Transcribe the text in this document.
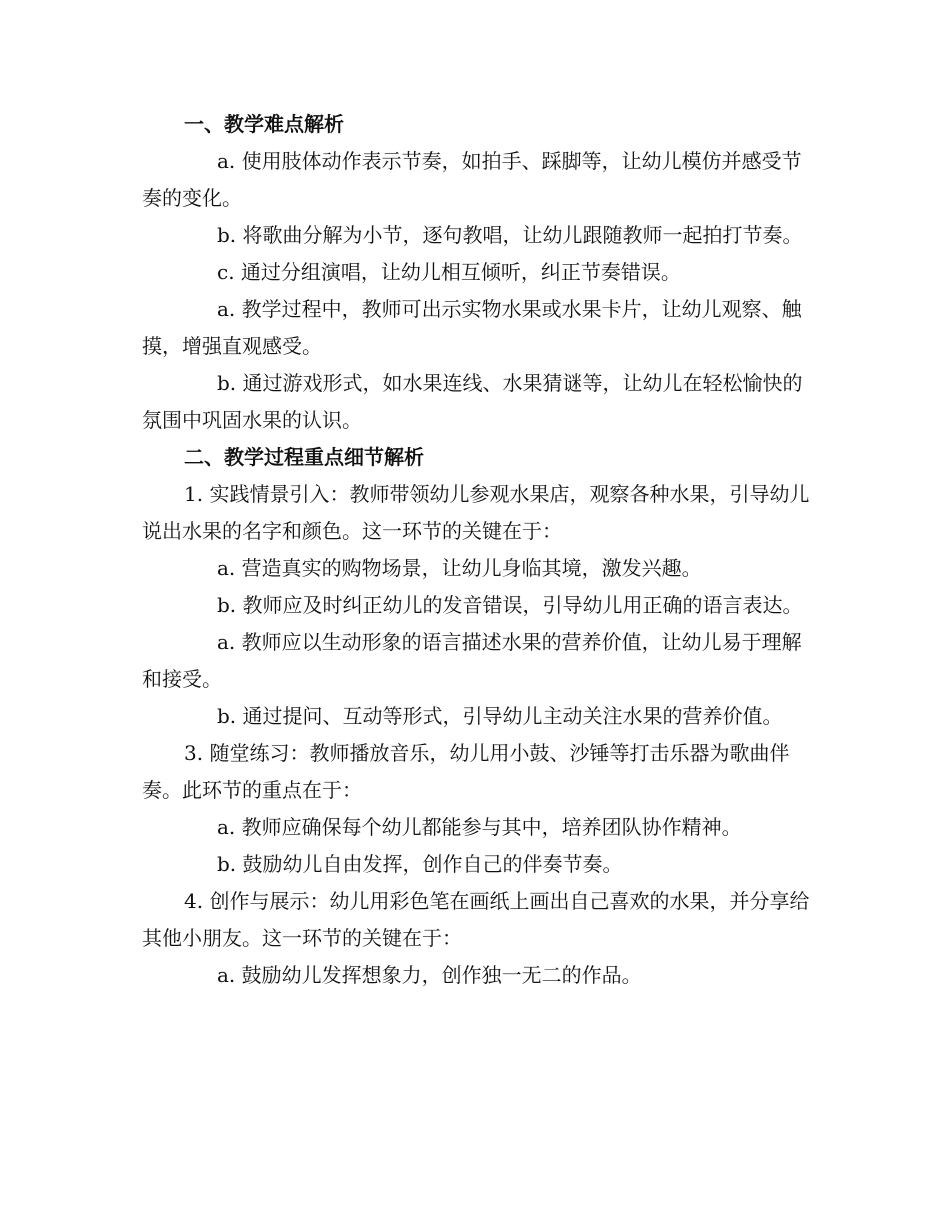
一、教学难点解析

a. 使用肢体动作表示节奏，如拍手、踩脚等，让幼儿模仿并感受节奏的变化。

b. 将歌曲分解为小节，逐句教唱，让幼儿跟随教师一起拍打节奏。

c. 通过分组演唱，让幼儿相互倾听，纠正节奏错误。

a. 教学过程中，教师可出示实物水果或水果卡片，让幼儿观察、触摸，增强直观感受。

b. 通过游戏形式，如水果连线、水果猜谜等，让幼儿在轻松愉快的氛围中巩固水果的认识。

二、教学过程重点细节解析

1. 实践情景引入：教师带领幼儿参观水果店，观察各种水果，引导幼儿说出水果的名字和颜色。这一环节的关键在于：

a. 营造真实的购物场景，让幼儿身临其境，激发兴趣。

b. 教师应及时纠正幼儿的发音错误，引导幼儿用正确的语言表达。

a. 教师应以生动形象的语言描述水果的营养价值，让幼儿易于理解和接受。

b. 通过提问、互动等形式，引导幼儿主动关注水果的营养价值。

3. 随堂练习：教师播放音乐，幼儿用小鼓、沙锤等打击乐器为歌曲伴奏。此环节的重点在于：

a. 教师应确保每个幼儿都能参与其中，培养团队协作精神。

b. 鼓励幼儿自由发挥，创作自己的伴奏节奏。

4. 创作与展示：幼儿用彩色笔在画纸上画出自己喜欢的水果，并分享给其他小朋友。这一环节的关键在于：

a. 鼓励幼儿发挥想象力，创作独一无二的作品。
